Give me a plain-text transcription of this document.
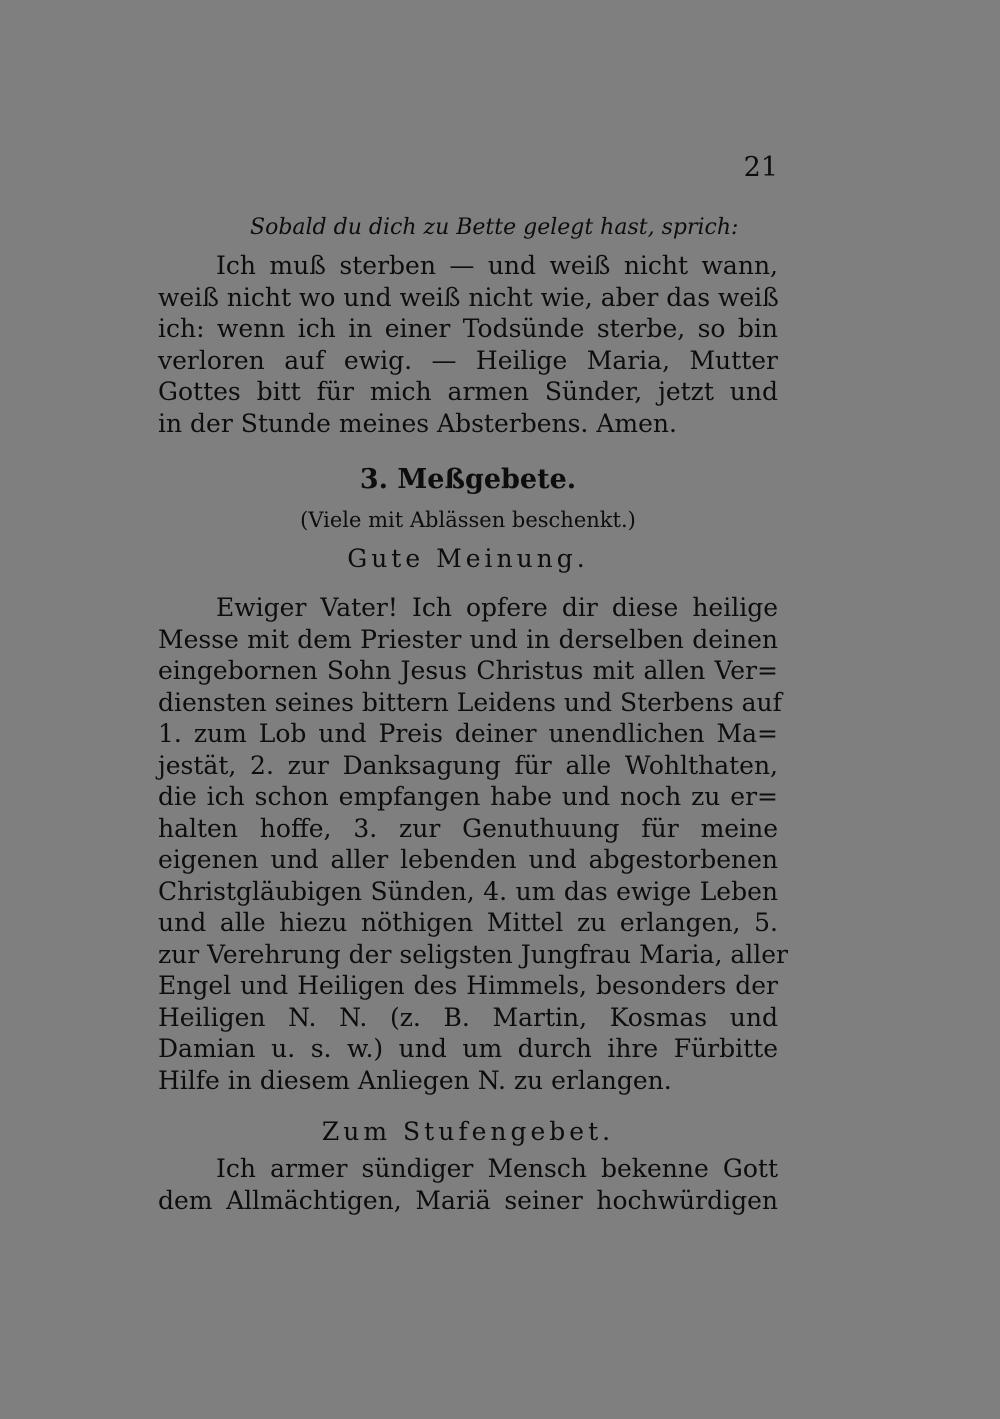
21
Sobald du dich zu Bette gelegt hast, sprich:
Ich muß sterben — und weiß nicht wann,
weiß nicht wo und weiß nicht wie, aber das weiß
ich: wenn ich in einer Todsünde sterbe, so bin
verloren auf ewig. — Heilige Maria, Mutter
Gottes bitt für mich armen Sünder, jetzt und
in der Stunde meines Absterbens. Amen.
3. Meßgebete.
(Viele mit Ablässen beschenkt.)
Gute Meinung.
Ewiger Vater! Ich opfere dir diese heilige
Messe mit dem Priester und in derselben deinen
eingebornen Sohn Jesus Christus mit allen Ver=
diensten seines bittern Leidens und Sterbens auf
1. zum Lob und Preis deiner unendlichen Ma=
jestät, 2. zur Danksagung für alle Wohlthaten,
die ich schon empfangen habe und noch zu er=
halten hoffe, 3. zur Genuthuung für meine
eigenen und aller lebenden und abgestorbenen
Christgläubigen Sünden, 4. um das ewige Leben
und alle hiezu nöthigen Mittel zu erlangen, 5.
zur Verehrung der seligsten Jungfrau Maria, aller
Engel und Heiligen des Himmels, besonders der
Heiligen N. N. (z. B. Martin, Kosmas und
Damian u. s. w.) und um durch ihre Fürbitte
Hilfe in diesem Anliegen N. zu erlangen.
Zum Stufengebet.
Ich armer sündiger Mensch bekenne Gott
dem Allmächtigen, Mariä seiner hochwürdigen
